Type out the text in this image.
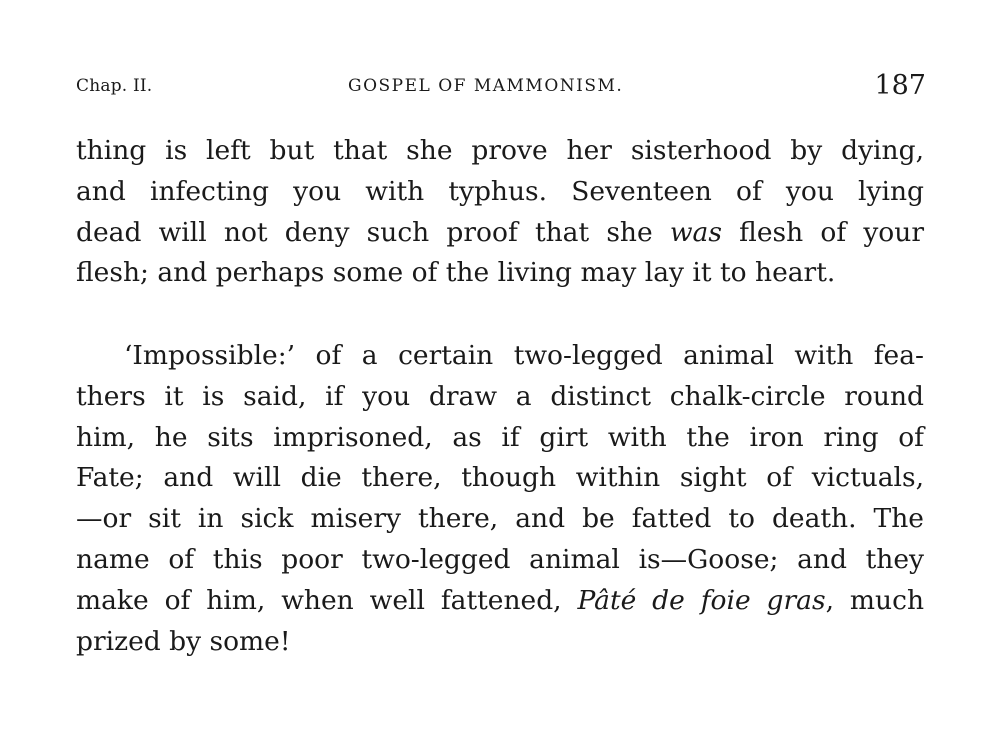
Chap. II.	GOSPEL OF MAMMONISM.	187
thing is left but that she prove her sisterhood by dying,
and infecting you with typhus. Seventeen of you lying
dead will not deny such proof that she was flesh of your
flesh; and perhaps some of the living may lay it to heart.
‘Impossible:’ of a certain two-legged animal with fea-
thers it is said, if you draw a distinct chalk-circle round
him, he sits imprisoned, as if girt with the iron ring of
Fate; and will die there, though within sight of victuals,
—or sit in sick misery there, and be fatted to death. The
name of this poor two-legged animal is—Goose; and they
make of him, when well fattened, Pâté de foie gras, much
prized by some!
